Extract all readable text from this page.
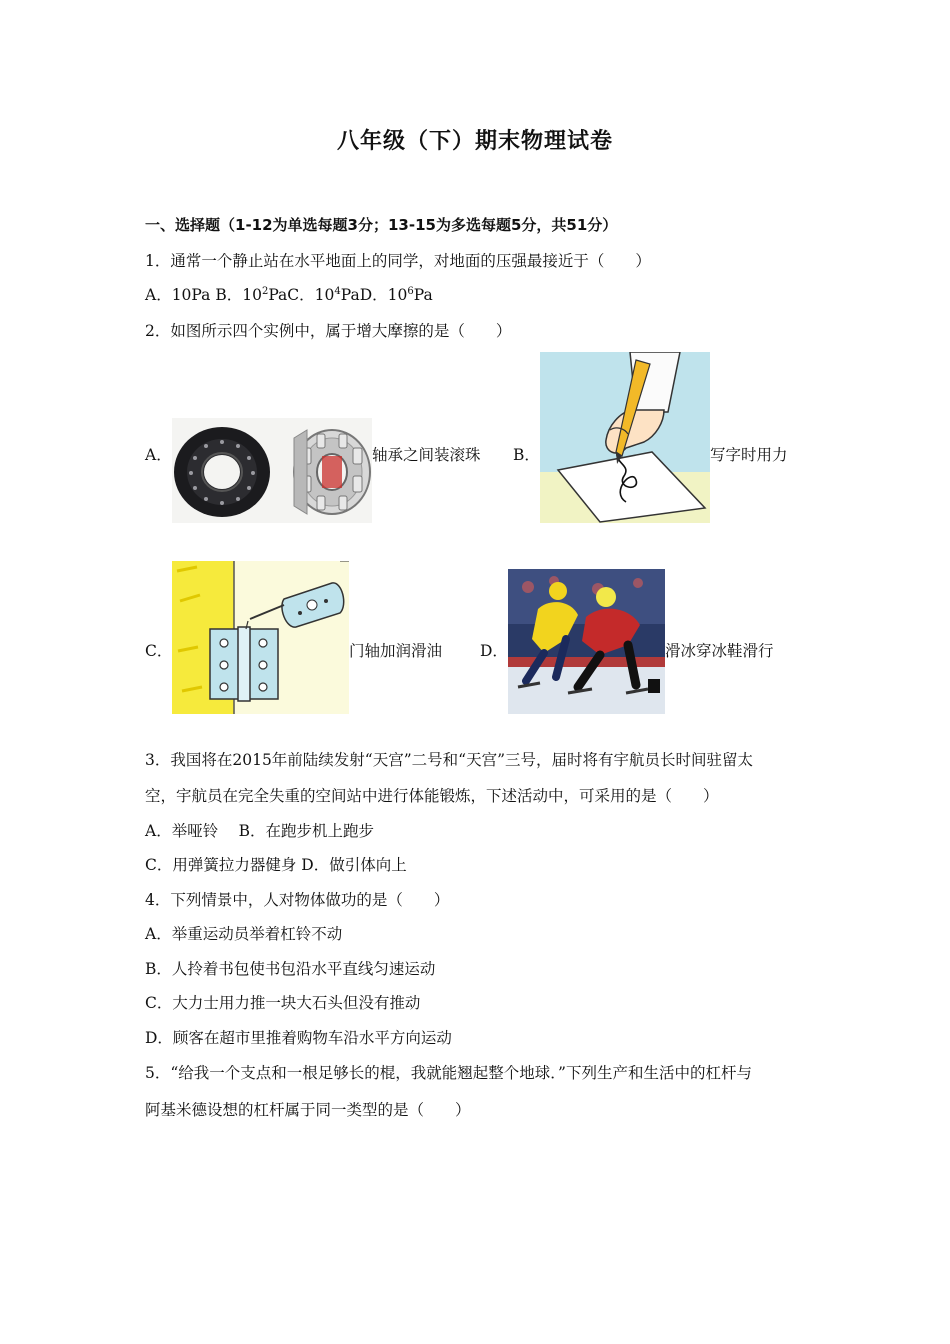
八年级（下）期末物理试卷
一、选择题（1-12为单选每题3分；13-15为多选每题5分，共51分）
1．通常一个静止站在水平地面上的同学，对地面的压强最接近于（　　）
A．10Pa B．$10^2PaC$．$10^4PaD$．$10^6Pa$
2．如图所示四个实例中，属于增大摩擦的是（　　）
A．	轴承之间装滚珠 B．	写字时用力
C．	门轴加润滑油 D．	滑冰穿冰鞋滑行
3．我国将在2015年前陆续发射“天宫”二号和“天宫”三号，届时将有宇航员长时间驻留太
空，宇航员在完全失重的空间站中进行体能锻炼，下述活动中，可采用的是（　　）
A．举哑铃　 B．在跑步机上跑步
C．用弹簧拉力器健身 D．做引体向上
4．下列情景中，人对物体做功的是（　　）
A．举重运动员举着杠铃不动
B．人拎着书包使书包沿水平直线匀速运动
C．大力士用力推一块大石头但没有推动
D．顾客在超市里推着购物车沿水平方向运动
5．“给我一个支点和一根足够长的棍，我就能翘起整个地球．”下列生产和生活中的杠杆与
阿基米德设想的杠杆属于同一类型的是（　　）
